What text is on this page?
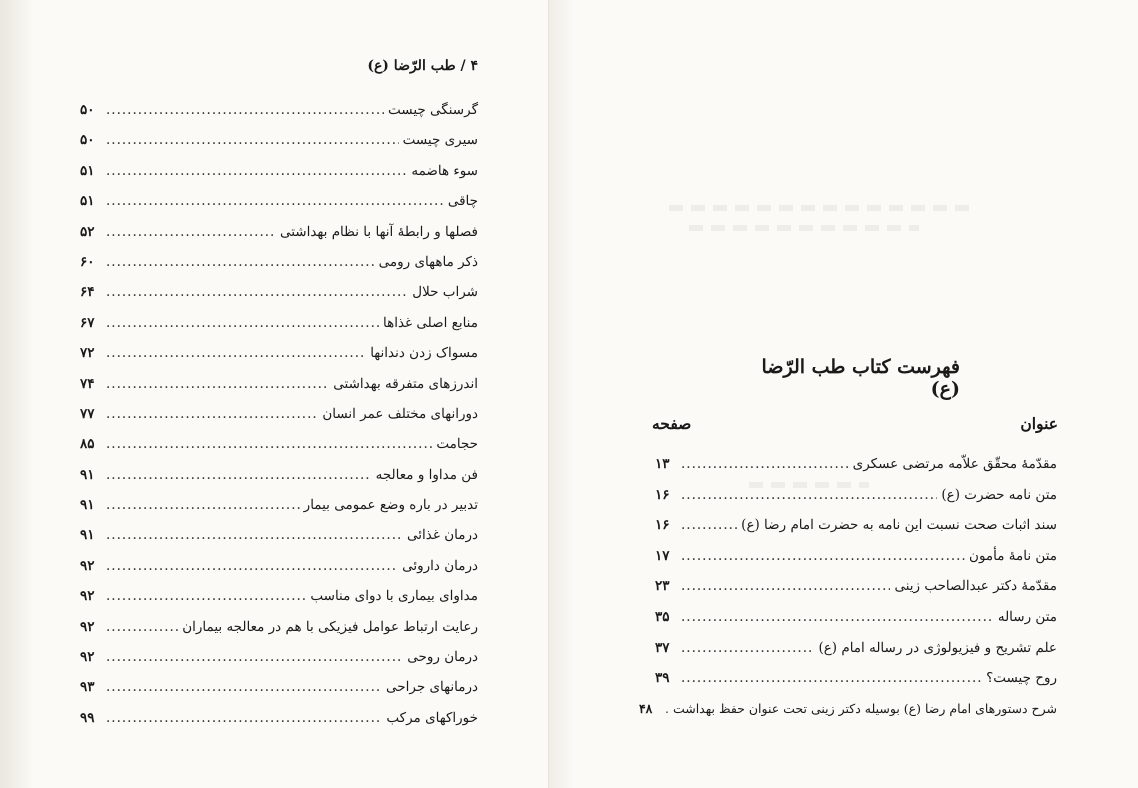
۴ / طب الرّضا (ع)
گرسنگی چیست
.....
۵۰
سیری چیست
.....
۵۰
سوء هاضمه
.....
۵۱
چاقی
.....
۵۱
فصلها و رابطهٔ آنها با نظام بهداشتی
.....
۵۲
ذکر ماههای رومی
.....
۶۰
شراب حلال
.....
۶۴
منابع اصلی غذاها
.....
۶۷
مسواک زدن دندانها
.....
۷۲
اندرزهای متفرقه بهداشتی
.....
۷۴
دورانهای مختلف عمر انسان
.....
۷۷
حجامت
.....
۸۵
فن مداوا و معالجه
.....
۹۱
تدبیر در باره وضع عمومی بیمار
.....
۹۱
درمان غذائی
.....
۹۱
درمان داروئی
.....
۹۲
مداوای بیماری با دوای مناسب
.....
۹۲
رعایت ارتباط عوامل فیزیکی با هم در معالجه بیماران
.....
۹۲
درمان روحی
.....
۹۲
درمانهای جراحی
.....
۹۳
خوراکهای مرکب
.....
۹۹
فهرست کتاب طب الرّضا (ع)
عنوان
صفحه
مقدّمهٔ محقّق علاّمه مرتضی عسکری
.....
۱۳
متن نامه حضرت (ع)
.....
۱۶
سند اثبات صحت نسبت این نامه به حضرت امام رضا (ع)
.....
۱۶
متن نامهٔ مأمون
.....
۱۷
مقدّمهٔ دکتر عبدالصاحب زینی
.....
۲۳
متن رساله
.....
۳۵
علم تشریح و فیزیولوژی در رساله امام (ع)
.....
۳۷
روح چیست؟
.....
۳۹
شرح دستورهای امام رضا (ع) بوسیله دکتر زینی تحت عنوان حفظ بهداشت
.....
۴۸
